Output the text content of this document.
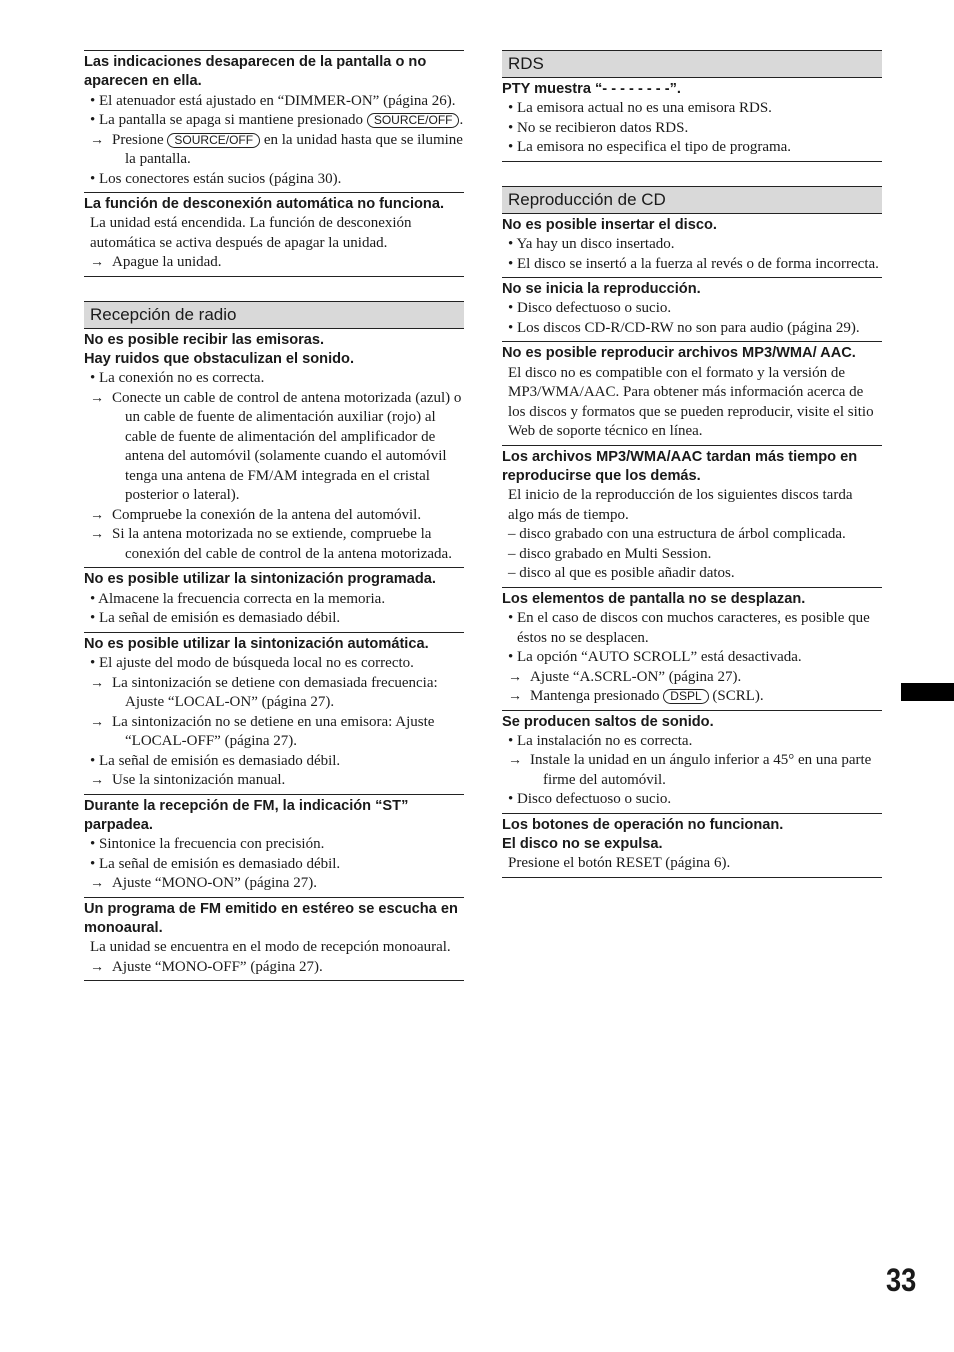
Las indicaciones desaparecen de la pantalla o no aparecen en ella.

• El atenuador está ajustado en “DIMMER-ON” (página 26).

• La pantalla se apaga si mantiene presionado SOURCE/OFF .

→ Presione SOURCE/OFF en la unidad hasta que se ilumine la pantalla.

• Los conectores están sucios (página 30).

La función de desconexión automática no funciona.

La unidad está encendida. La función de desconexión automática se activa después de apagar la unidad.

→ Apague la unidad.

Recepción de radio

No es posible recibir las emisoras.

Hay ruidos que obstaculizan el sonido.

• La conexión no es correcta.

→ Conecte un cable de control de antena motorizada (azul) o un cable de fuente de alimentación auxiliar (rojo) al cable de fuente de alimentación del amplificador de antena del automóvil (solamente cuando el automóvil tenga una antena de FM/AM integrada en el cristal posterior o lateral).

→ Compruebe la conexión de la antena del automóvil.

→ Si la antena motorizada no se extiende, compruebe la conexión del cable de control de la antena motorizada.

No es posible utilizar la sintonización programada.

• Almacene la frecuencia correcta en la memoria.

• La señal de emisión es demasiado débil.

No es posible utilizar la sintonización automática.

• El ajuste del modo de búsqueda local no es correcto.

→ La sintonización se detiene con demasiada frecuencia: Ajuste “LOCAL-ON” (página 27).

→ La sintonización no se detiene en una emisora: Ajuste “LOCAL-OFF” (página 27).

• La señal de emisión es demasiado débil.

→ Use la sintonización manual.

Durante la recepción de FM, la indicación “ST” parpadea.

• Sintonice la frecuencia con precisión.

• La señal de emisión es demasiado débil.

→ Ajuste “MONO-ON” (página 27).

Un programa de FM emitido en estéreo se escucha en monoaural.

La unidad se encuentra en el modo de recepción monoaural.

→ Ajuste “MONO-OFF” (página 27).

RDS

PTY muestra “- - - - - - - -”.

• La emisora actual no es una emisora RDS.

• No se recibieron datos RDS.

• La emisora no especifica el tipo de programa.

Reproducción de CD

No es posible insertar el disco.

• Ya hay un disco insertado.

• El disco se insertó a la fuerza al revés o de forma incorrecta.

No se inicia la reproducción.

• Disco defectuoso o sucio.

• Los discos CD-R/CD-RW no son para audio (página 29).

No es posible reproducir archivos MP3/WMA/ AAC.

El disco no es compatible con el formato y la versión de MP3/WMA/AAC. Para obtener más información acerca de los discos y formatos que se pueden reproducir, visite el sitio Web de soporte técnico en línea.

Los archivos MP3/WMA/AAC tardan más tiempo en reproducirse que los demás.

El inicio de la reproducción de los siguientes discos tarda algo más de tiempo.

– disco grabado con una estructura de árbol complicada.

– disco grabado en Multi Session.

– disco al que es posible añadir datos.

Los elementos de pantalla no se desplazan.

• En el caso de discos con muchos caracteres, es posible que éstos no se desplacen.

• La opción “AUTO SCROLL” está desactivada.

→ Ajuste “A.SCRL-ON” (página 27).

→ Mantenga presionado DSPL (SCRL).

Se producen saltos de sonido.

• La instalación no es correcta.

→ Instale la unidad en un ángulo inferior a 45° en una parte firme del automóvil.

• Disco defectuoso o sucio.

Los botones de operación no funcionan.

El disco no se expulsa.

Presione el botón RESET (página 6).

33
